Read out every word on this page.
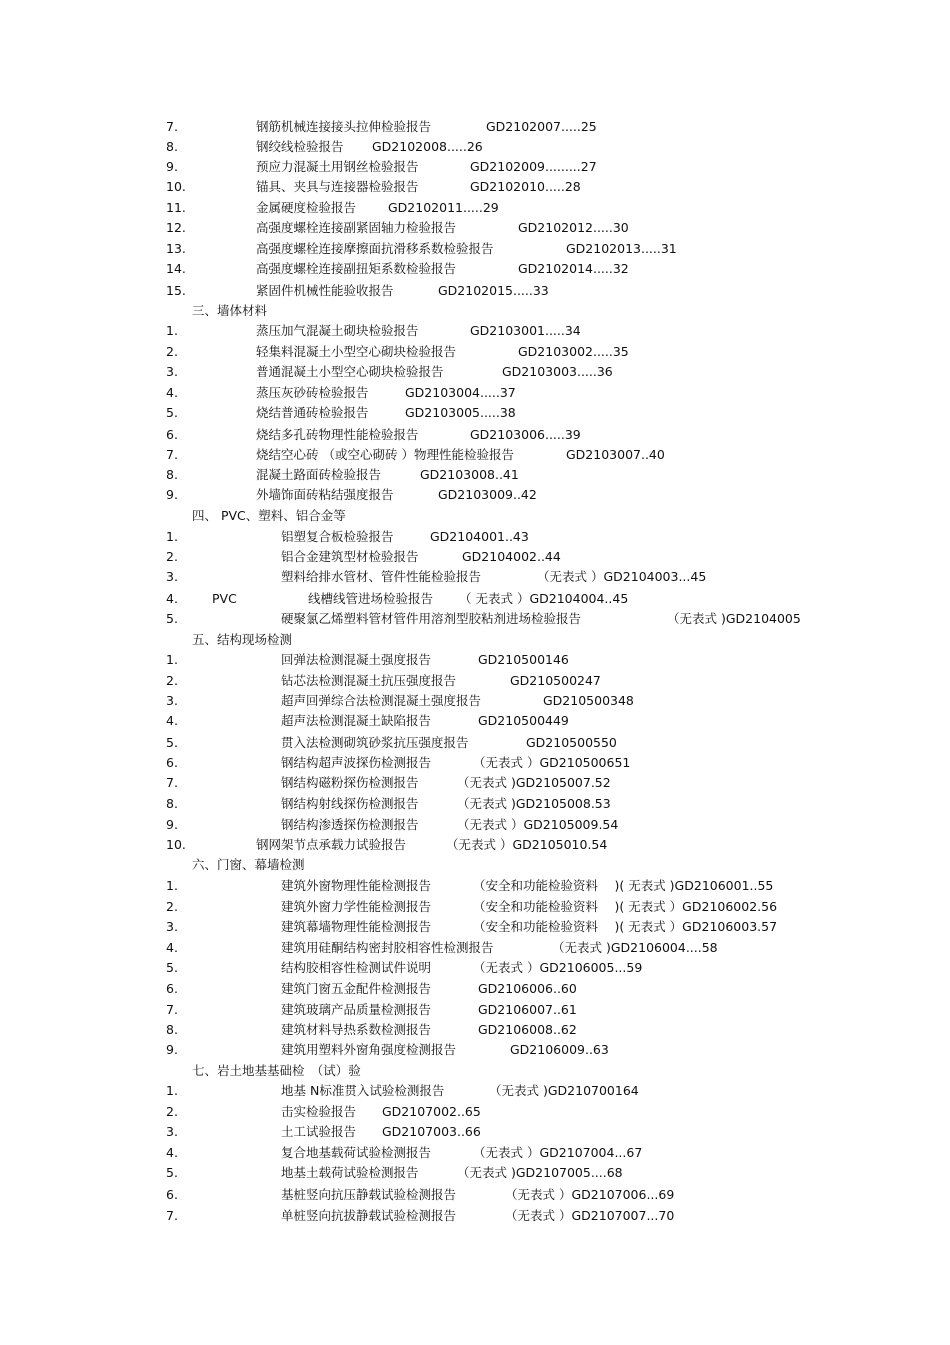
7.	钢筋机械连接接头拉伸检验报告	GD2102007.....25
8.	钢绞线检验报告 GD2102008.....26
9.	预应力混凝土用钢丝检验报告	GD2102009.........27
10.	锚具、夹具与连接器检验报告	GD2102010.....28
11.	金属硬度检验报告	GD2102011.....29
12.	高强度螺栓连接副紧固轴力检验报告	GD2102012.....30
13.	高强度螺栓连接摩擦面抗滑移系数检验报告	GD2102013.....31
14.	高强度螺栓连接副扭矩系数检验报告	GD2102014.....32
15.	紧固件机械性能验收报告	GD2102015.....33
三、墙体材料
1.	蒸压加气混凝土砌块检验报告	GD2103001.....34
2.	轻集料混凝土小型空心砌块检验报告	GD2103002.....35
3.	普通混凝土小型空心砌块检验报告	GD2103003.....36
4.	蒸压灰砂砖检验报告	GD2103004.....37
5.	烧结普通砖检验报告	GD2103005.....38
6.	烧结多孔砖物理性能检验报告	GD2103006.....39
7.	烧结空心砖 （或空心砌砖 ）物理性能检验报告	GD2103007..40
8.	混凝土路面砖检验报告	GD2103008..41
9.	外墙饰面砖粘结强度报告	GD2103009..42
四、 PVC、塑料、铝合金等
1.	铝塑复合板检验报告	GD2104001..43
2.	铝合金建筑型材检验报告	GD2104002..44
3.	塑料给排水管材、管件性能检验报告	（无表式 ）GD2104003...45
4.	PVC	线槽线管进场检验报告 （ 无表式 ）GD2104004..45
5.	硬聚氯乙烯塑料管材管件用溶剂型胶粘剂进场检验报告	（无表式 )GD2104005
五、结构现场检测
1.	回弹法检测混凝土强度报告	GD210500146
2.	钻芯法检测混凝土抗压强度报告	GD210500247
3.	超声回弹综合法检测混凝土强度报告	GD210500348
4.	超声法检测混凝土缺陷报告	GD210500449
5.	贯入法检测砌筑砂浆抗压强度报告	GD210500550
6.	钢结构超声波探伤检测报告	（无表式 ）GD210500651
7.	钢结构磁粉探伤检测报告	（无表式 )GD2105007.52
8.	钢结构射线探伤检测报告	（无表式 )GD2105008.53
9.	钢结构渗透探伤检测报告	（无表式 ）GD2105009.54
10.	钢网架节点承载力试验报告	（无表式 ）GD2105010.54
六、门窗、幕墙检测
1.	建筑外窗物理性能检测报告	（安全和功能检验资料　 )( 无表式 )GD2106001..55
2.	建筑外窗力学性能检测报告	（安全和功能检验资料　 )( 无表式 ）GD2106002.56
3.	建筑幕墙物理性能检测报告	（安全和功能检验资料　 )( 无表式 ）GD2106003.57
4.	建筑用硅酮结构密封胶相容性检测报告	（无表式 )GD2106004....58
5.	结构胶相容性检测试件说明	（无表式 ）GD2106005...59
6.	建筑门窗五金配件检测报告	GD2106006..60
7.	建筑玻璃产品质量检测报告	GD2106007..61
8.	建筑材料导热系数检测报告	GD2106008..62
9.	建筑用塑料外窗角强度检测报告	GD2106009..63
七、岩土地基基础检　（试）验
1.	地基 N标准贯入试验检测报告	（无表式 )GD210700164
2.	击实检验报告 GD2107002..65
3.	土工试验报告 GD2107003..66
4.	复合地基载荷试验检测报告	（无表式 ）GD2107004...67
5.	地基土载荷试验检测报告	（无表式 )GD2107005....68
6.	基桩竖向抗压静载试验检测报告	（无表式 ）GD2107006...69
7.	单桩竖向抗拔静载试验检测报告	（无表式 ）GD2107007...70
